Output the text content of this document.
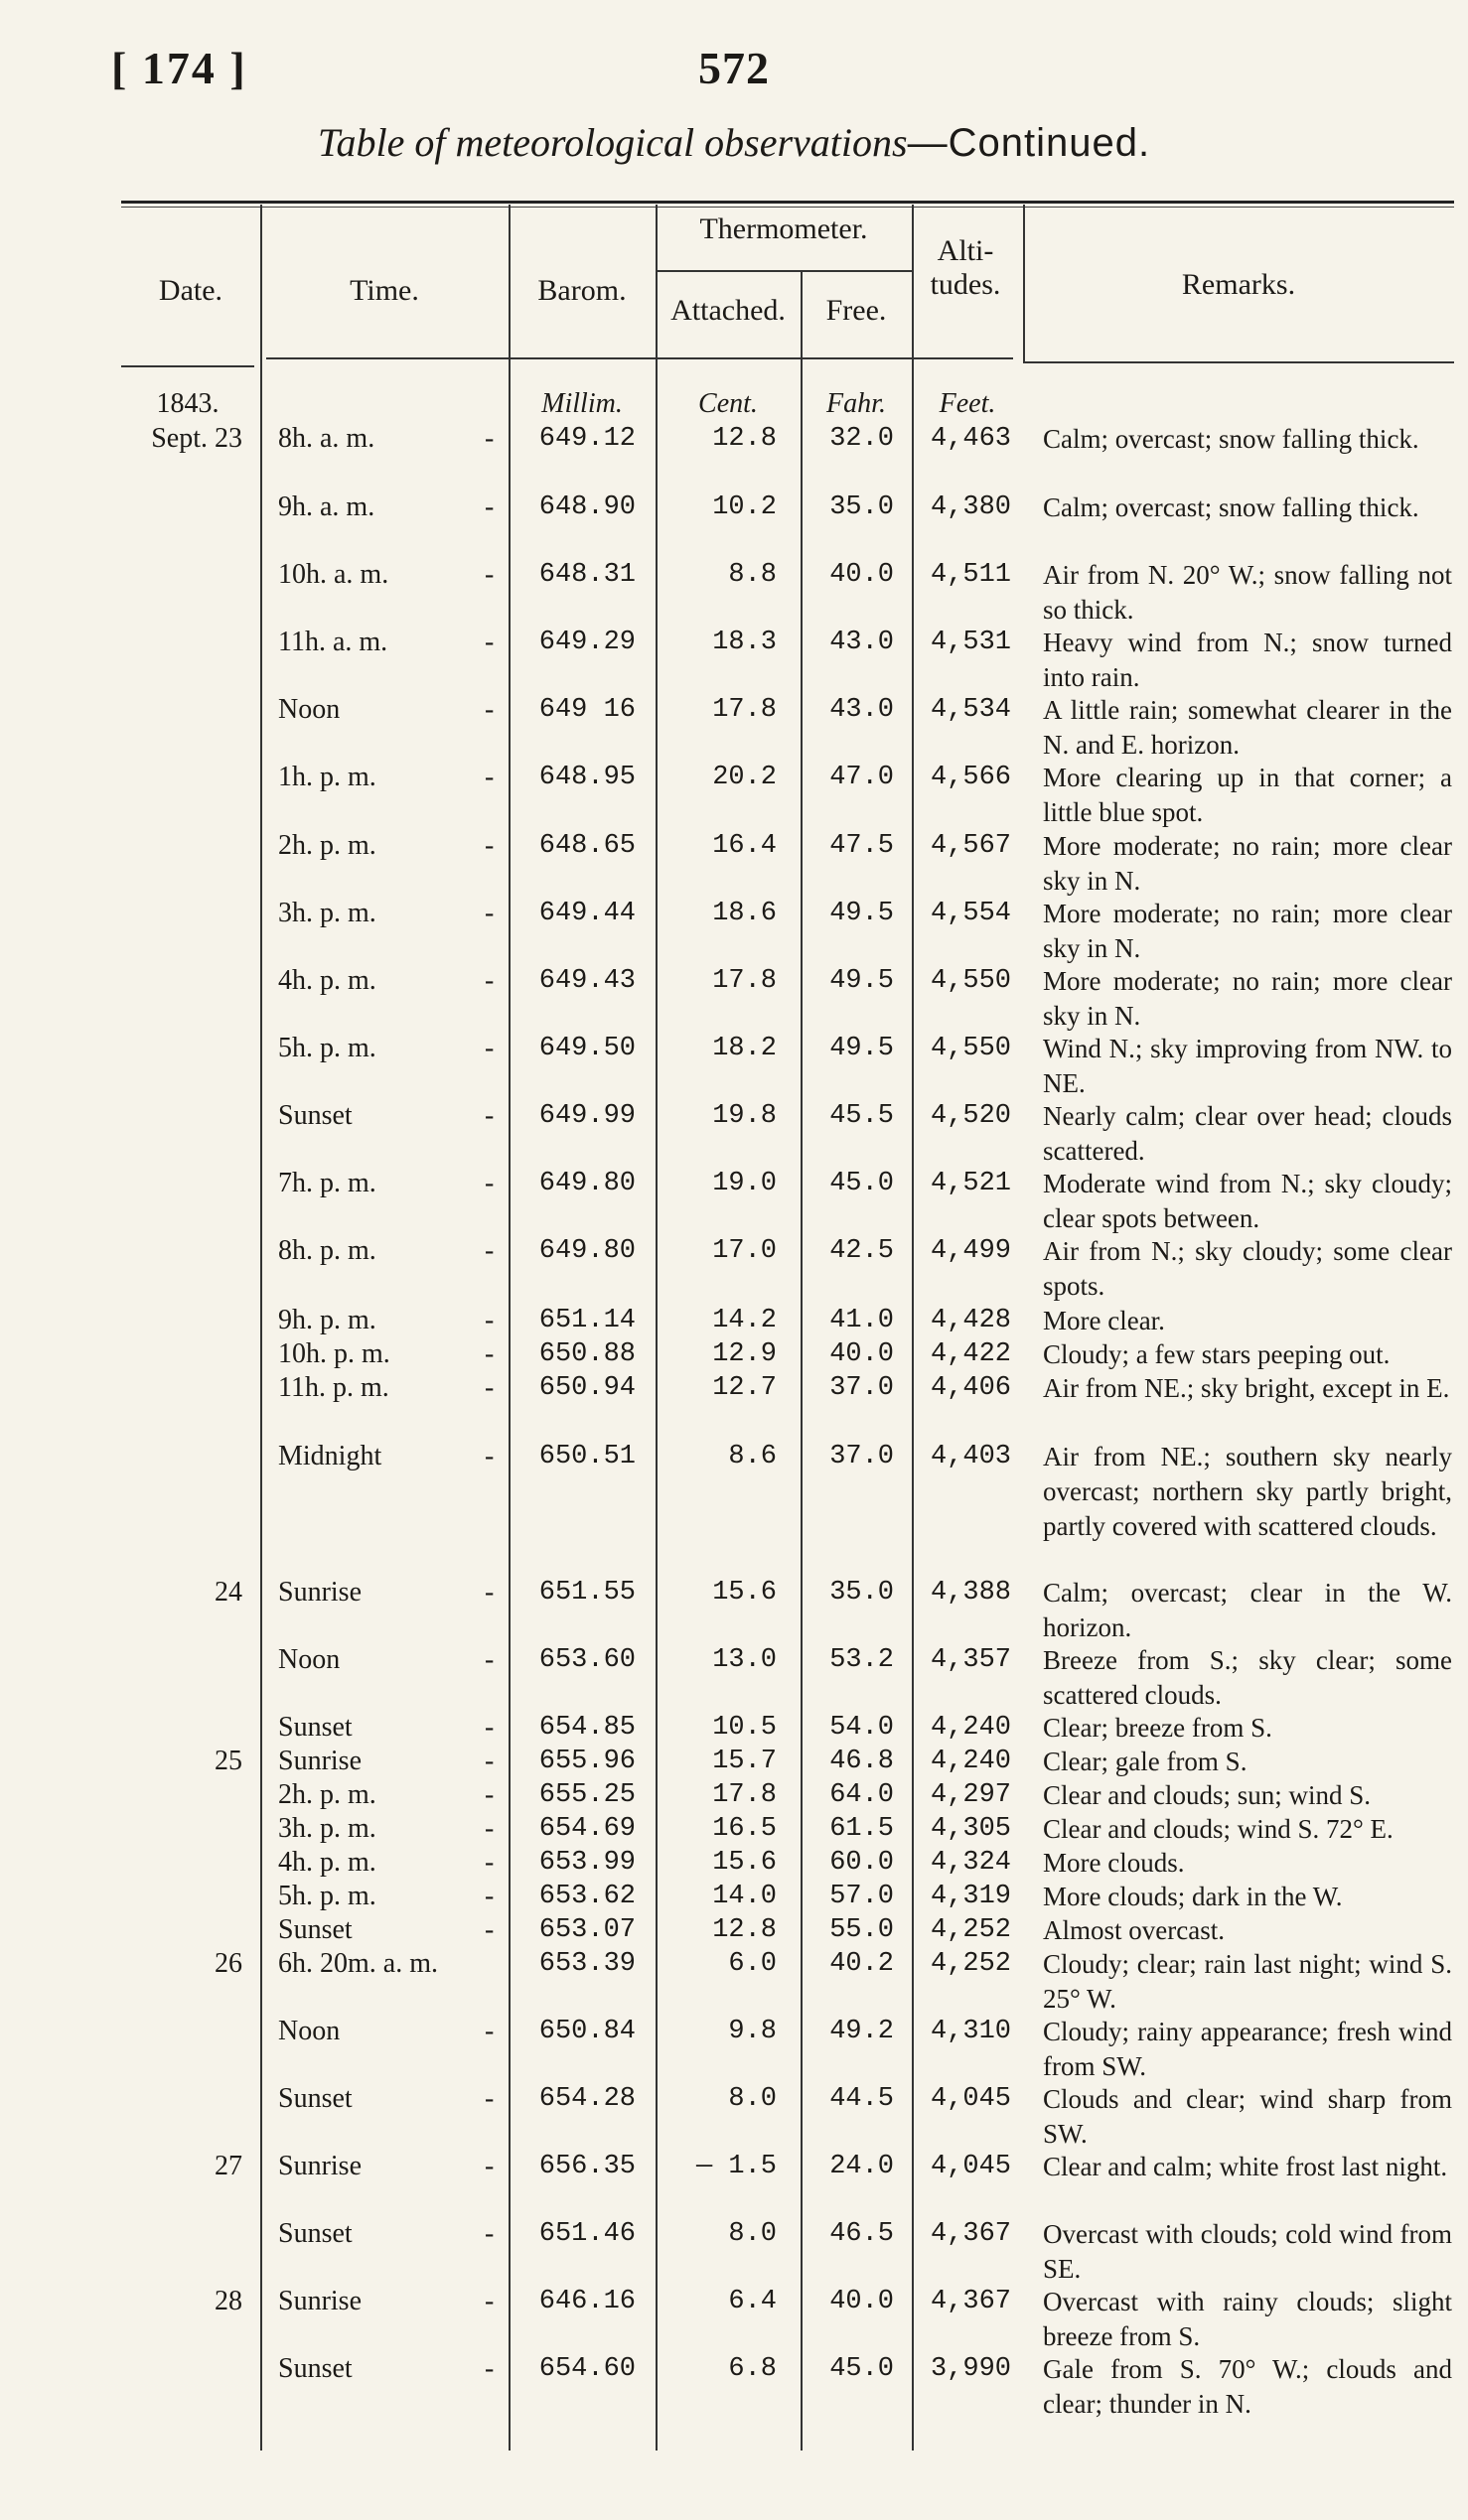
[ 174 ]	572
Table of meteorological observations—Continued.
Date.	Time.	Barom.
Thermometer.
Attached.	Free.
Alti-
tudes.	Remarks.
1843.	Millim.	Cent.	Fahr.	Feet.
Sept. 23 8h. a. m.	-	649.12	12.8	32.0	4,463 Calm; overcast; snow falling thick.
9h. a. m.	-	648.90	10.2	35.0	4,380 Calm; overcast; snow falling thick.
10h. a. m.	-	648.31	8.8	40.0	4,511 Air from N. 20° W.; snow falling not so thick.
11h. a. m.	-	649.29	18.3	43.0	4,531 Heavy wind from N.; snow turned into rain.
Noon	-	649 16	17.8	43.0	4,534 A little rain; somewhat clearer in the N. and E. horizon.
1h. p. m.	-	648.95	20.2	47.0	4,566 More clearing up in that corner; a little blue spot.
2h. p. m.	-	648.65	16.4	47.5	4,567 More moderate; no rain; more clear sky in N.
3h. p. m.	-	649.44	18.6	49.5	4,554 More moderate; no rain; more clear sky in N.
4h. p. m.	-	649.43	17.8	49.5	4,550 More moderate; no rain; more clear sky in N.
5h. p. m.	-	649.50	18.2	49.5	4,550 Wind N.; sky improving from NW. to NE.
Sunset	-	649.99	19.8	45.5	4,520 Nearly calm; clear over head; clouds scattered.
7h. p. m.	-	649.80	19.0	45.0	4,521 Moderate wind from N.; sky cloudy; clear spots between.
8h. p. m.	-	649.80	17.0	42.5	4,499 Air from N.; sky cloudy; some clear spots.
9h. p. m.	-	651.14	14.2	41.0	4,428 More clear.
10h. p. m.	-	650.88	12.9	40.0	4,422 Cloudy; a few stars peeping out.
11h. p. m.	-	650.94	12.7	37.0	4,406 Air from NE.; sky bright, except in E.
Midnight	-	650.51	8.6	37.0	4,403 Air from NE.; southern sky nearly overcast; northern sky partly bright, partly covered with scattered clouds.
24 Sunrise	-	651.55	15.6	35.0	4,388 Calm; overcast; clear in the W. horizon.
Noon	-	653.60	13.0	53.2	4,357 Breeze from S.; sky clear; some scattered clouds.
Sunset	-	654.85	10.5	54.0	4,240 Clear; breeze from S.
25 Sunrise	-	655.96	15.7	46.8	4,240 Clear; gale from S.
2h. p. m.	-	655.25	17.8	64.0	4,297 Clear and clouds; sun; wind S.
3h. p. m.	-	654.69	16.5	61.5	4,305 Clear and clouds; wind S. 72° E.
4h. p. m.	-	653.99	15.6	60.0	4,324 More clouds.
5h. p. m.	-	653.62	14.0	57.0	4,319 More clouds; dark in the W.
Sunset	-	653.07	12.8	55.0	4,252 Almost overcast.
26 6h. 20m. a. m.	653.39	6.0	40.2	4,252 Cloudy; clear; rain last night; wind S. 25° W.
Noon	-	650.84	9.8	49.2	4,310 Cloudy; rainy appearance; fresh wind from SW.
Sunset	-	654.28	8.0	44.5	4,045 Clouds and clear; wind sharp from SW.
27 Sunrise	-	656.35	— 1.5	24.0	4,045 Clear and calm; white frost last night.
Sunset	-	651.46	8.0	46.5	4,367 Overcast with clouds; cold wind from SE.
28 Sunrise	-	646.16	6.4	40.0	4,367 Overcast with rainy clouds; slight breeze from S.
Sunset	-	654.60	6.8	45.0	3,990 Gale from S. 70° W.; clouds and clear; thunder in N.
